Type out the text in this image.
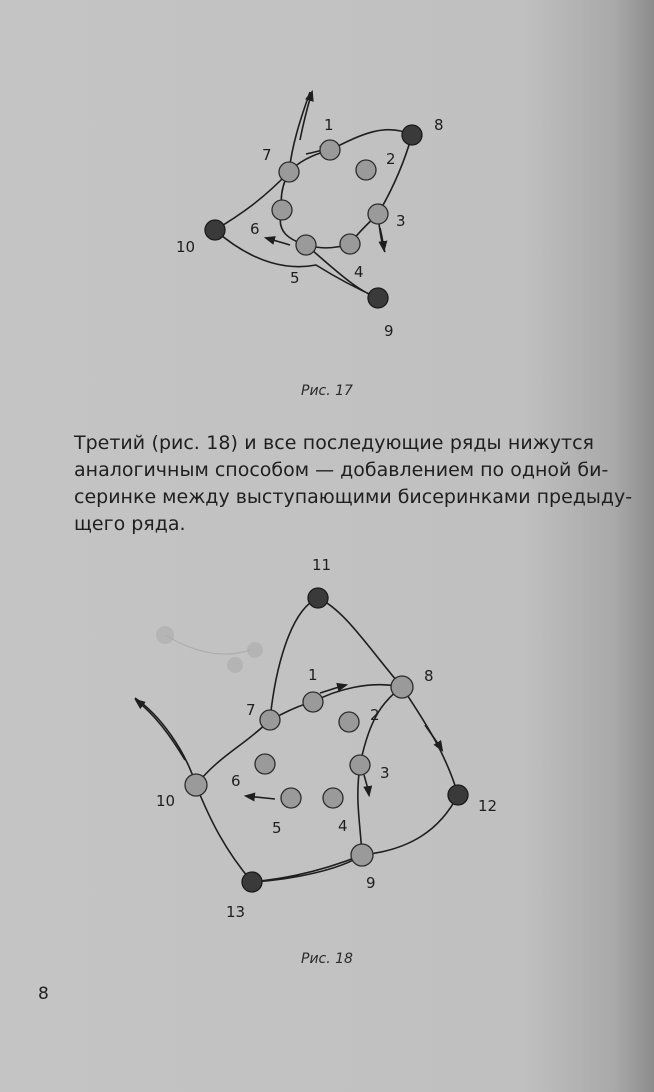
1
2
3
4
5
6
7
8
9
10
Рис. 17
Третий (рис. 18) и все последующие ряды нижутся
аналогичным способом — добавлением по одной би-
серинке между выступающими бисеринками предыду-
щего ряда.
1
2
3
4
5
6
7
8
9
10
11
12
13
Рис. 18
8
